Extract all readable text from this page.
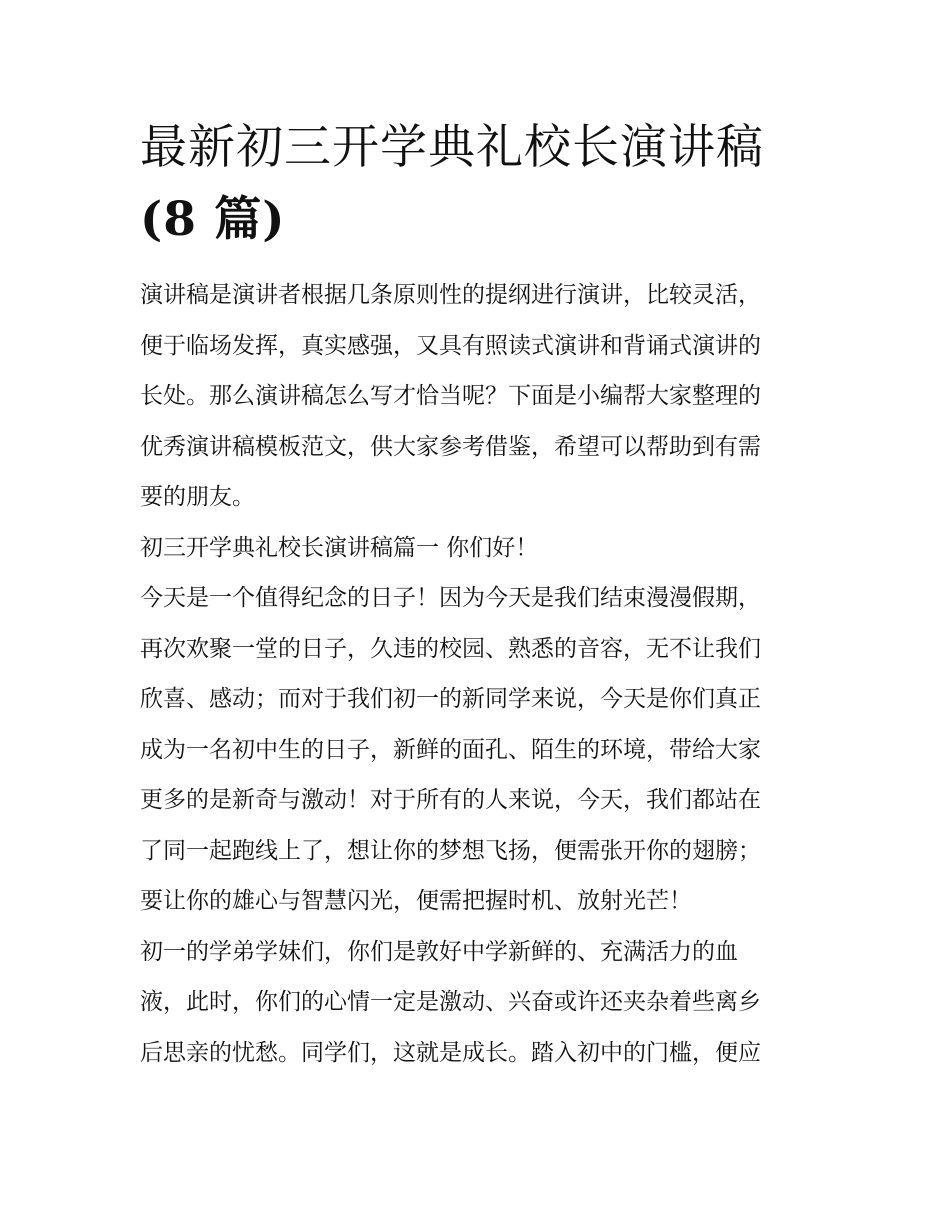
最新初三开学典礼校长演讲稿
(8 篇)

演讲稿是演讲者根据几条原则性的提纲进行演讲，比较灵活，
便于临场发挥，真实感强，又具有照读式演讲和背诵式演讲的
长处。那么演讲稿怎么写才恰当呢？下面是小编帮大家整理的
优秀演讲稿模板范文，供大家参考借鉴，希望可以帮助到有需
要的朋友。

初三开学典礼校长演讲稿篇一 你们好！

今天是一个值得纪念的日子！因为今天是我们结束漫漫假期，
再次欢聚一堂的日子，久违的校园、熟悉的音容，无不让我们
欣喜、感动；而对于我们初一的新同学来说，今天是你们真正
成为一名初中生的日子，新鲜的面孔、陌生的环境，带给大家
更多的是新奇与激动！对于所有的人来说，今天，我们都站在
了同一起跑线上了，想让你的梦想飞扬，便需张开你的翅膀；
要让你的雄心与智慧闪光，便需把握时机、放射光芒！

初一的学弟学妹们，你们是敦好中学新鲜的、充满活力的血
液，此时，你们的心情一定是激动、兴奋或许还夹杂着些离乡
后思亲的忧愁。同学们，这就是成长。踏入初中的门槛，便应
